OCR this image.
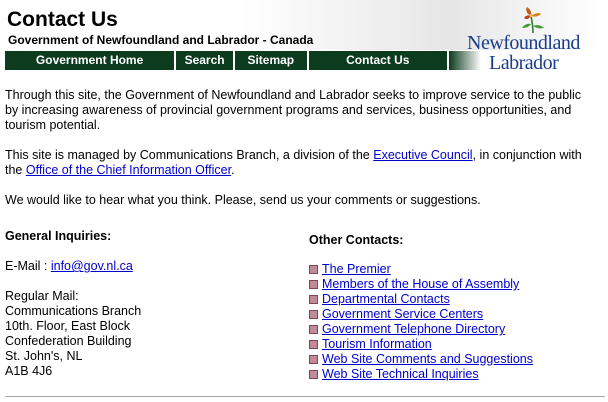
Contact Us
Government of Newfoundland and Labrador - Canada
Government Home	Search	Sitemap	Contact Us
Newfoundland
Labrador

Through this site, the Government of Newfoundland and Labrador seeks to improve service to the public by increasing awareness of provincial government programs and services, business opportunities, and tourism potential.

This site is managed by Communications Branch, a division of the Executive Council, in conjunction with the Office of the Chief Information Officer.

We would like to hear what you think. Please, send us your comments or suggestions.

General Inquiries:
E-Mail : info@gov.nl.ca
Regular Mail:
Communications Branch
10th. Floor, East Block
Confederation Building
St. John's, NL
A1B 4J6
Other Contacts:
The Premier
Members of the House of Assembly
Departmental Contacts
Government Service Centers
Government Telephone Directory
Tourism Information
Web Site Comments and Suggestions
Web Site Technical Inquiries
